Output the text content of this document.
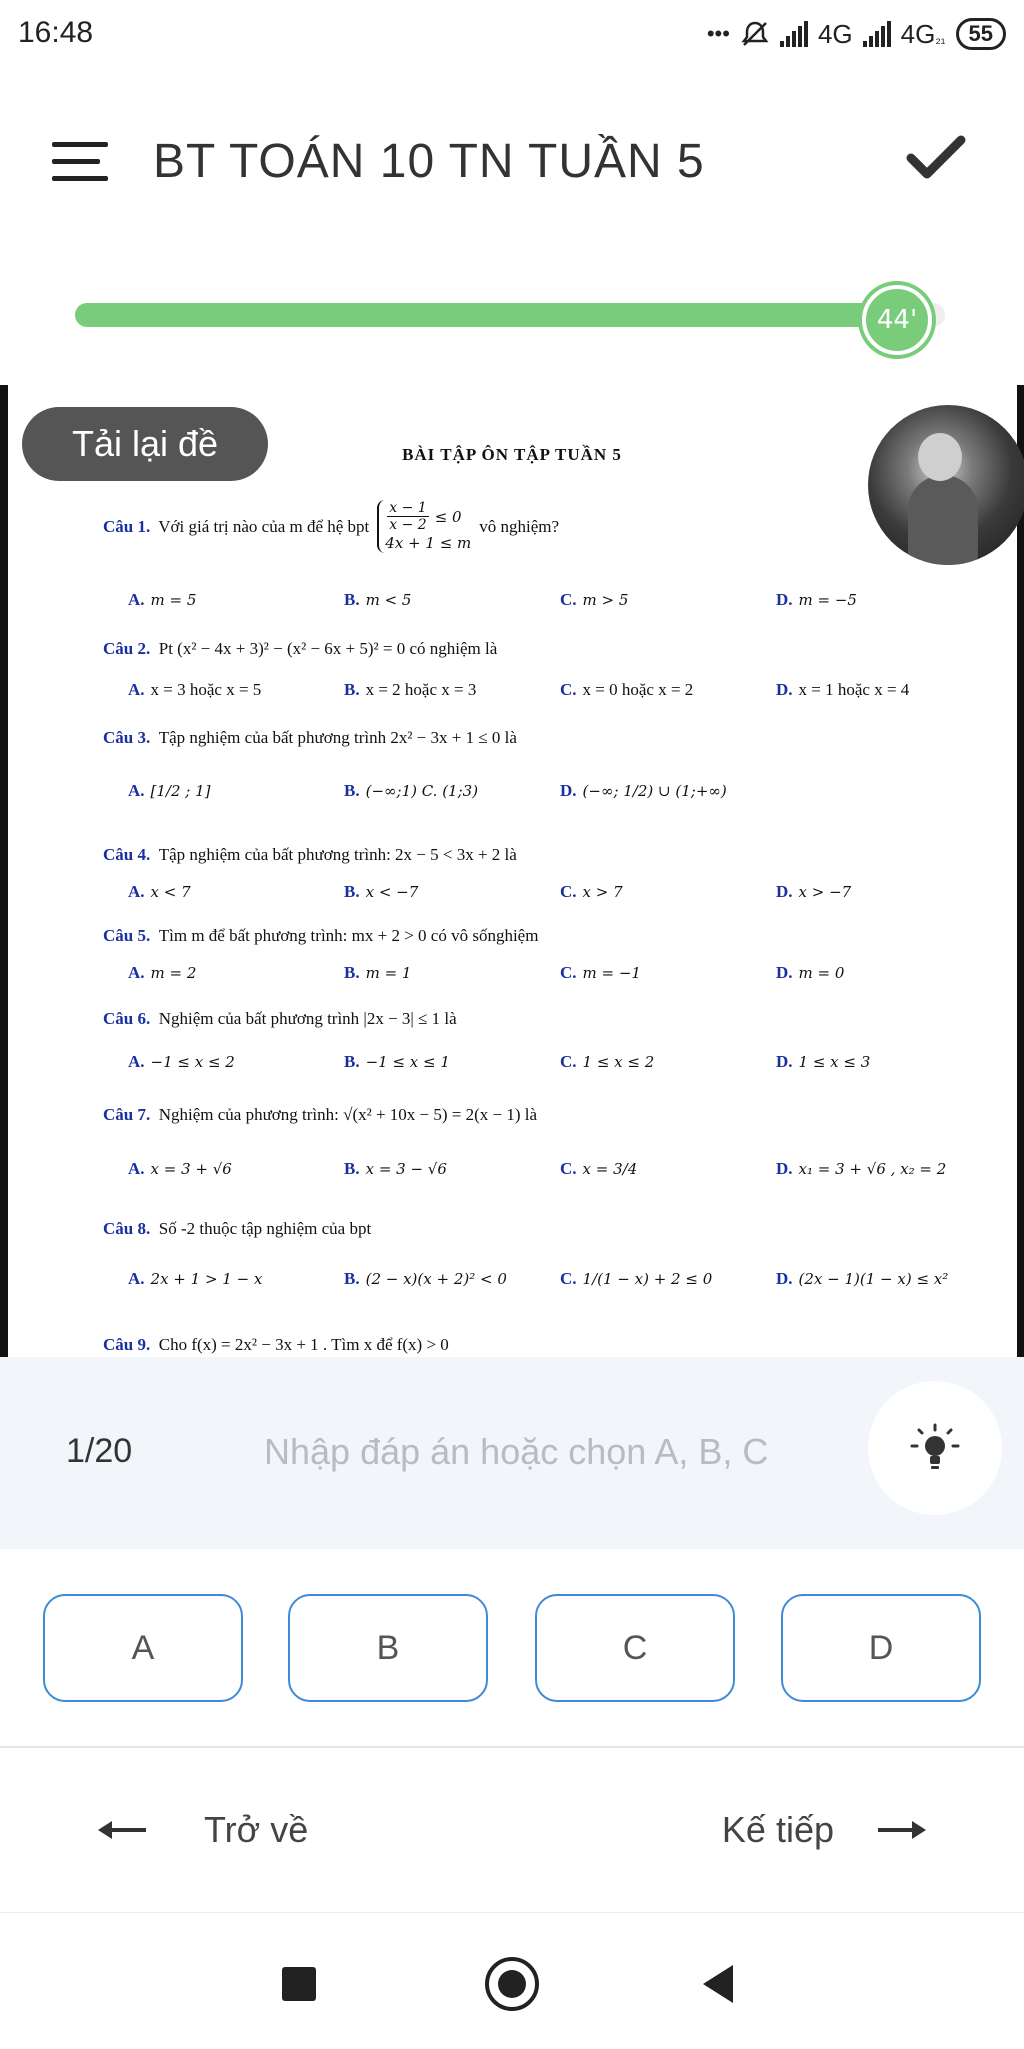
16:48	•••	4G 4G₂₁	55
BT TOÁN 10 TN TUẦN 5
44'
BÀI TẬP ÔN TẬP TUẦN 5
Câu 1. Với giá trị nào của m để hệ bpt $\frac{x - 1}{x - 2} \le 0$
4x + 1 ≤ m
vô nghiệm?
A. m = 5	B. m < 5	C. m > 5	D. m = −5
Câu 2. Pt (x² − 4x + 3)² − (x² − 6x + 5)² = 0 có nghiệm là
A. x = 3 hoặc x = 5	B. x = 2 hoặc x = 3	C. x = 0 hoặc x = 2	D. x = 1 hoặc x = 4
Câu 3. Tập nghiệm của bất phương trình 2x² − 3x + 1 ≤ 0 là
A. [1/2 ; 1]	B. (−∞;1) C. (1;3)	D. (−∞; 1/2) ∪ (1;+∞)
Câu 4. Tập nghiệm của bất phương trình: 2x − 5 < 3x + 2 là
A. x < 7	B. x < −7	C. x > 7	D. x > −7
Câu 5. Tìm m để bất phương trình: mx + 2 > 0 có vô sốnghiệm
A. m = 2	B. m = 1	C. m = −1	D. m = 0
Câu 6. Nghiệm của bất phương trình |2x − 3| ≤ 1 là
A. −1 ≤ x ≤ 2	B. −1 ≤ x ≤ 1	C. 1 ≤ x ≤ 2	D. 1 ≤ x ≤ 3
Câu 7. Nghiệm của phương trình: √(x² + 10x − 5) = 2(x − 1) là
A. x = 3 + √6	B. x = 3 − √6	C. x = 3/4	D. x₁ = 3 + √6 , x₂ = 2
Câu 8. Số -2 thuộc tập nghiệm của bpt
A. 2x + 1 > 1 − x	B. (2 − x)(x + 2)² < 0	C. 1/(1 − x) + 2 ≤ 0	D. (2x − 1)(1 − x) ≤ x²
Câu 9. Cho f(x) = 2x² − 3x + 1 . Tìm x để f(x) > 0
Tải lại đề
1/20
Nhập đáp án hoặc chọn A, B, C
A	B	C	D
Trở về	Kế tiếp
